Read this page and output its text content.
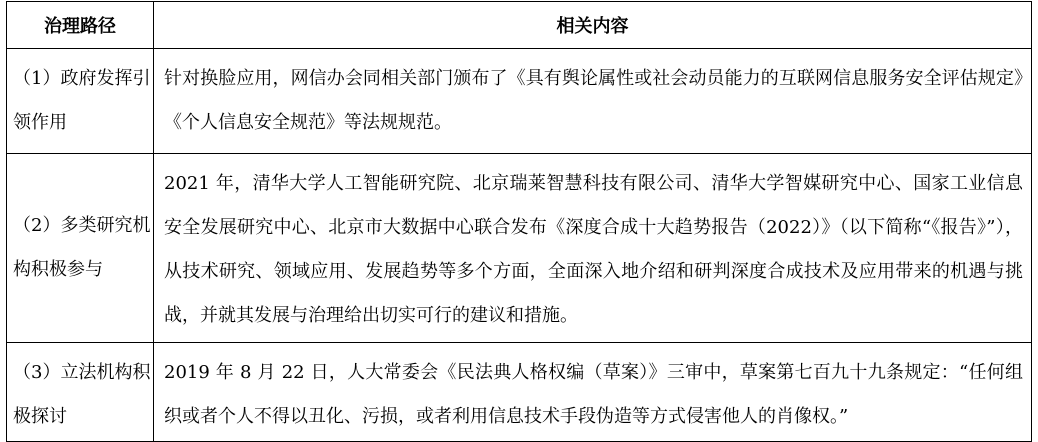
治理路径	相关内容
（1）政府发挥引领作用	针对换脸应用，网信办会同相关部门颁布了《具有舆论属性或社会动员能力的互联网信息服务安全评估规定》《个人信息安全规范》等法规规范。
（2）多类研究机构积极参与	2021 年，清华大学人工智能研究院、北京瑞莱智慧科技有限公司、清华大学智媒研究中心、国家工业信息安全发展研究中心、北京市大数据中心联合发布《深度合成十大趋势报告（2022）》（以下简称“《报告》”），从技术研究、领域应用、发展趋势等多个方面，全面深入地介绍和研判深度合成技术及应用带来的机遇与挑战，并就其发展与治理给出切实可行的建议和措施。
（3）立法机构积极探讨	2019 年 8 月 22 日，人大常委会《民法典人格权编（草案）》三审中，草案第七百九十九条规定：“任何组织或者个人不得以丑化、污损，或者利用信息技术手段伪造等方式侵害他人的肖像权。”
